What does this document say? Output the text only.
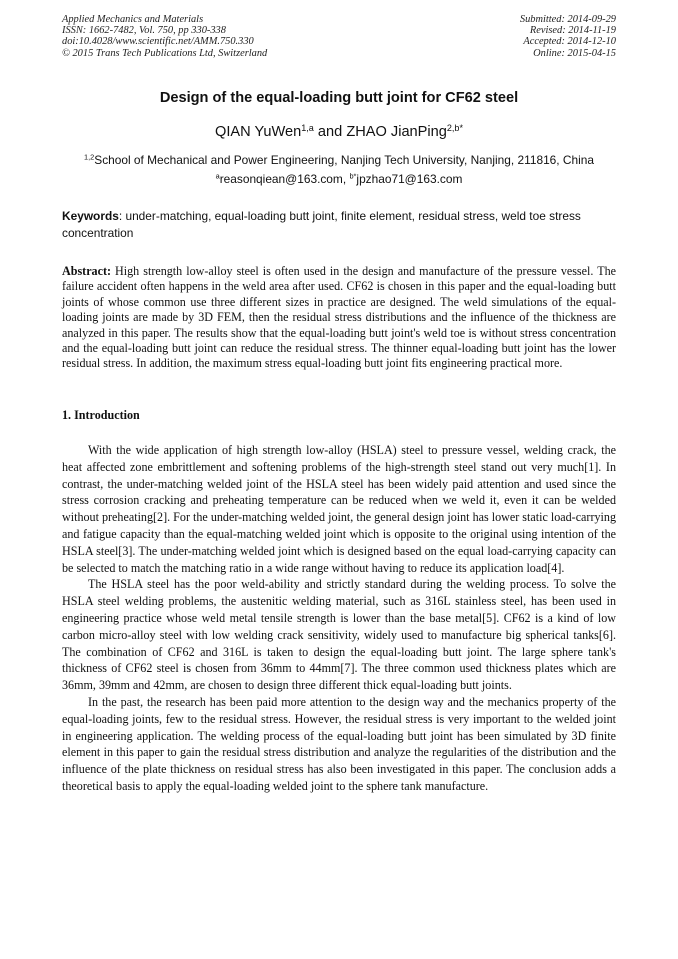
Applied Mechanics and Materials
ISSN: 1662-7482, Vol. 750, pp 330-338
doi:10.4028/www.scientific.net/AMM.750.330
© 2015 Trans Tech Publications Ltd, Switzerland
Submitted: 2014-09-29
Revised: 2014-11-19
Accepted: 2014-12-10
Online: 2015-04-15
Design of the equal-loading butt joint for CF62 steel
QIAN YuWen$^{1,a}$ and ZHAO JianPing$^{2,b*}$
$^{1,2}$School of Mechanical and Power Engineering, Nanjing Tech University, Nanjing, 211816, China
$^a$reasonqiean@163.com, $^{b*}$jpzhao71@163.com
Keywords: under-matching, equal-loading butt joint, finite element, residual stress, weld toe stress concentration

Abstract: High strength low-alloy steel is often used in the design and manufacture of the pressure vessel. The failure accident often happens in the weld area after used. CF62 is chosen in this paper and the equal-loading butt joints of whose common use three different sizes in practice are designed. The weld simulations of the equal-loading joints are made by 3D FEM, then the residual stress distributions and the influence of the thickness are analyzed in this paper. The results show that the equal-loading butt joint's weld toe is without stress concentration and the equal-loading butt joint can reduce the residual stress. The thinner equal-loading butt joint has the lower residual stress. In addition, the maximum stress equal-loading butt joint fits engineering practical more.

1. Introduction

With the wide application of high strength low-alloy (HSLA) steel to pressure vessel, welding crack, the heat affected zone embrittlement and softening problems of the high-strength steel stand out very much[1]. In contrast, the under-matching welded joint of the HSLA steel has been widely paid attention and used since the stress corrosion cracking and preheating temperature can be reduced when we weld it, even it can be welded without preheating[2]. For the under-matching welded joint, the general design joint has lower static load-carrying and fatigue capacity than the equal-matching welded joint which is opposite to the original using intention of the HSLA steel[3]. The under-matching welded joint which is designed based on the equal load-carrying capacity can be selected to match the matching ratio in a wide range without having to reduce its application load[4].

The HSLA steel has the poor weld-ability and strictly standard during the welding process. To solve the HSLA steel welding problems, the austenitic welding material, such as 316L stainless steel, has been used in engineering practice whose weld metal tensile strength is lower than the base metal[5]. CF62 is a kind of low carbon micro-alloy steel with low welding crack sensitivity, widely used to manufacture big spherical tanks[6]. The combination of CF62 and 316L is taken to design the equal-loading butt joint. The large sphere tank's thickness of CF62 steel is chosen from 36mm to 44mm[7]. The three common used thickness plates which are 36mm, 39mm and 42mm, are chosen to design three different thick equal-loading butt joints.

In the past, the research has been paid more attention to the design way and the mechanics property of the equal-loading joints, few to the residual stress. However, the residual stress is very important to the welded joint in engineering application. The welding process of the equal-loading butt joint has been simulated by 3D finite element in this paper to gain the residual stress distribution and analyze the regularities of the distribution and the influence of the plate thickness on residual stress has also been investigated in this paper. The conclusion adds a theoretical basis to apply the equal-loading welded joint to the sphere tank manufacture.
